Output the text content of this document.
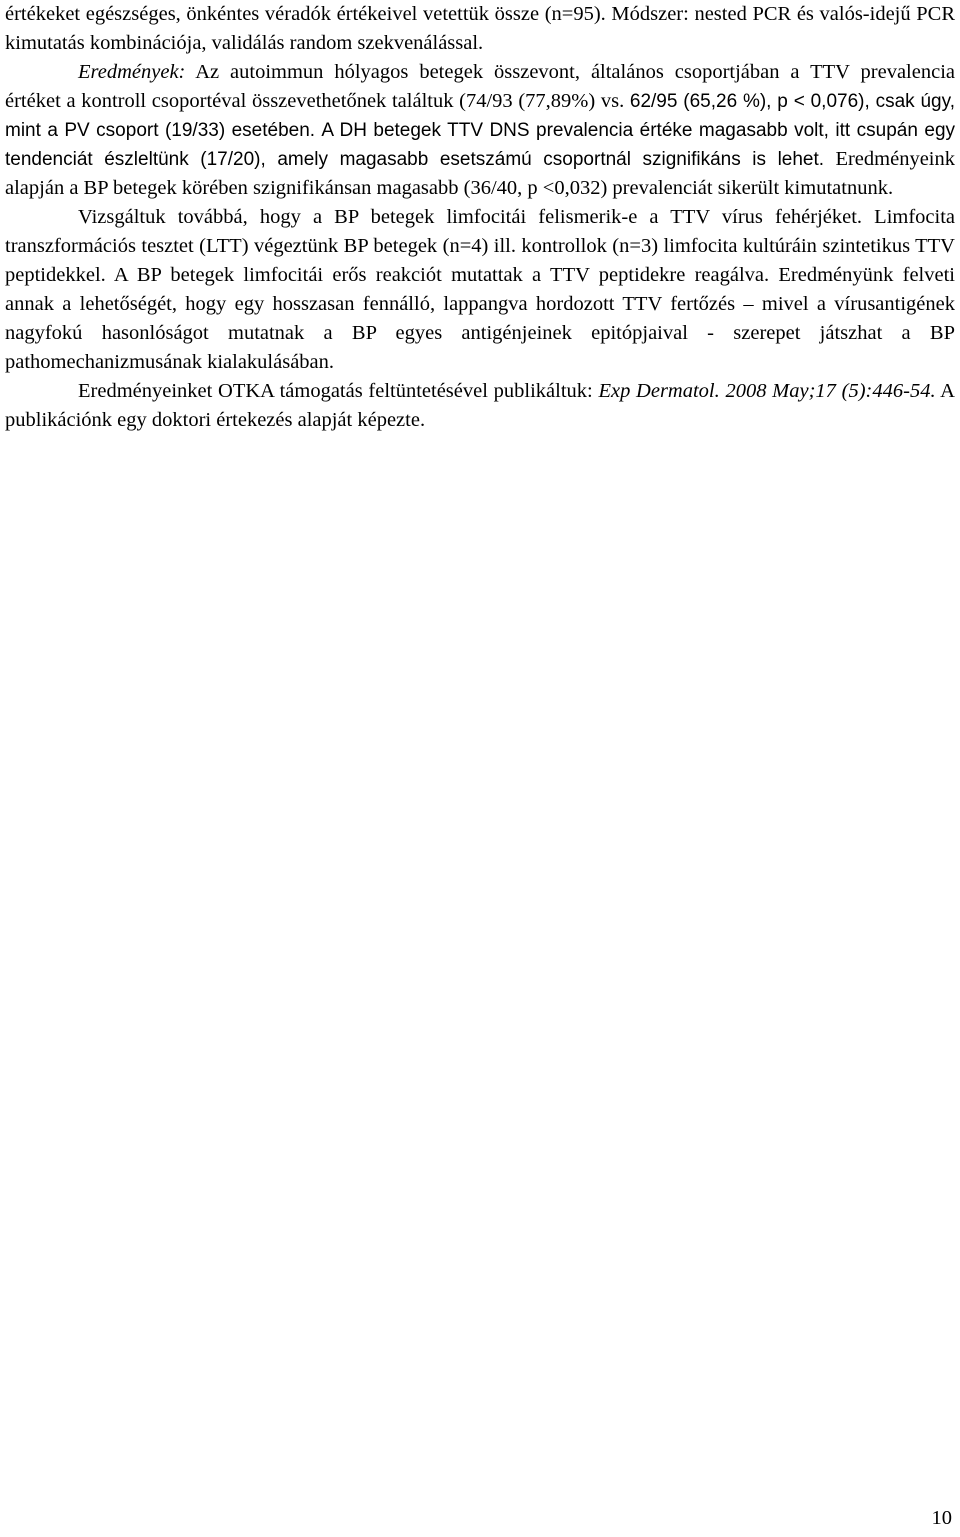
értékeket egészséges, önkéntes véradók értékeivel vetettük össze (n=95). Módszer: nested PCR és valós-idejű PCR kimutatás kombinációja, validálás random szekvenálással.
Eredmények: Az autoimmun hólyagos betegek összevont, általános csoportjában a TTV prevalencia értéket a kontroll csoportéval összevethetőnek találtuk (74/93 (77,89%) vs. 62/95 (65,26 %), p < 0,076), csak úgy, mint a PV csoport (19/33) esetében. A DH betegek TTV DNS prevalencia értéke magasabb volt, itt csupán egy tendenciát észleltünk (17/20), amely magasabb esetszámú csoportnál szignifikáns is lehet. Eredményeink alapján a BP betegek körében szignifikánsan magasabb (36/40, p <0,032) prevalenciát sikerült kimutatnunk.

Vizsgáltuk továbbá, hogy a BP betegek limfocitái felismerik-e a TTV vírus fehérjéket. Limfocita transzformációs tesztet (LTT) végeztünk BP betegek (n=4) ill. kontrollok (n=3) limfocita kultúráin szintetikus TTV peptidekkel. A BP betegek limfocitái erős reakciót mutattak a TTV peptidekre reagálva. Eredményünk felveti annak a lehetőségét, hogy egy hosszasan fennálló, lappangva hordozott TTV fertőzés – mivel a vírusantigének nagyfokú hasonlóságot mutatnak a BP egyes antigénjeinek epitópjaival - szerepet játszhat a BP pathomechanizmusának kialakulásában.

Eredményeinket OTKA támogatás feltüntetésével publikáltuk: Exp Dermatol. 2008 May;17 (5):446-54. A publikációnk egy doktori értekezés alapját képezte.

10
